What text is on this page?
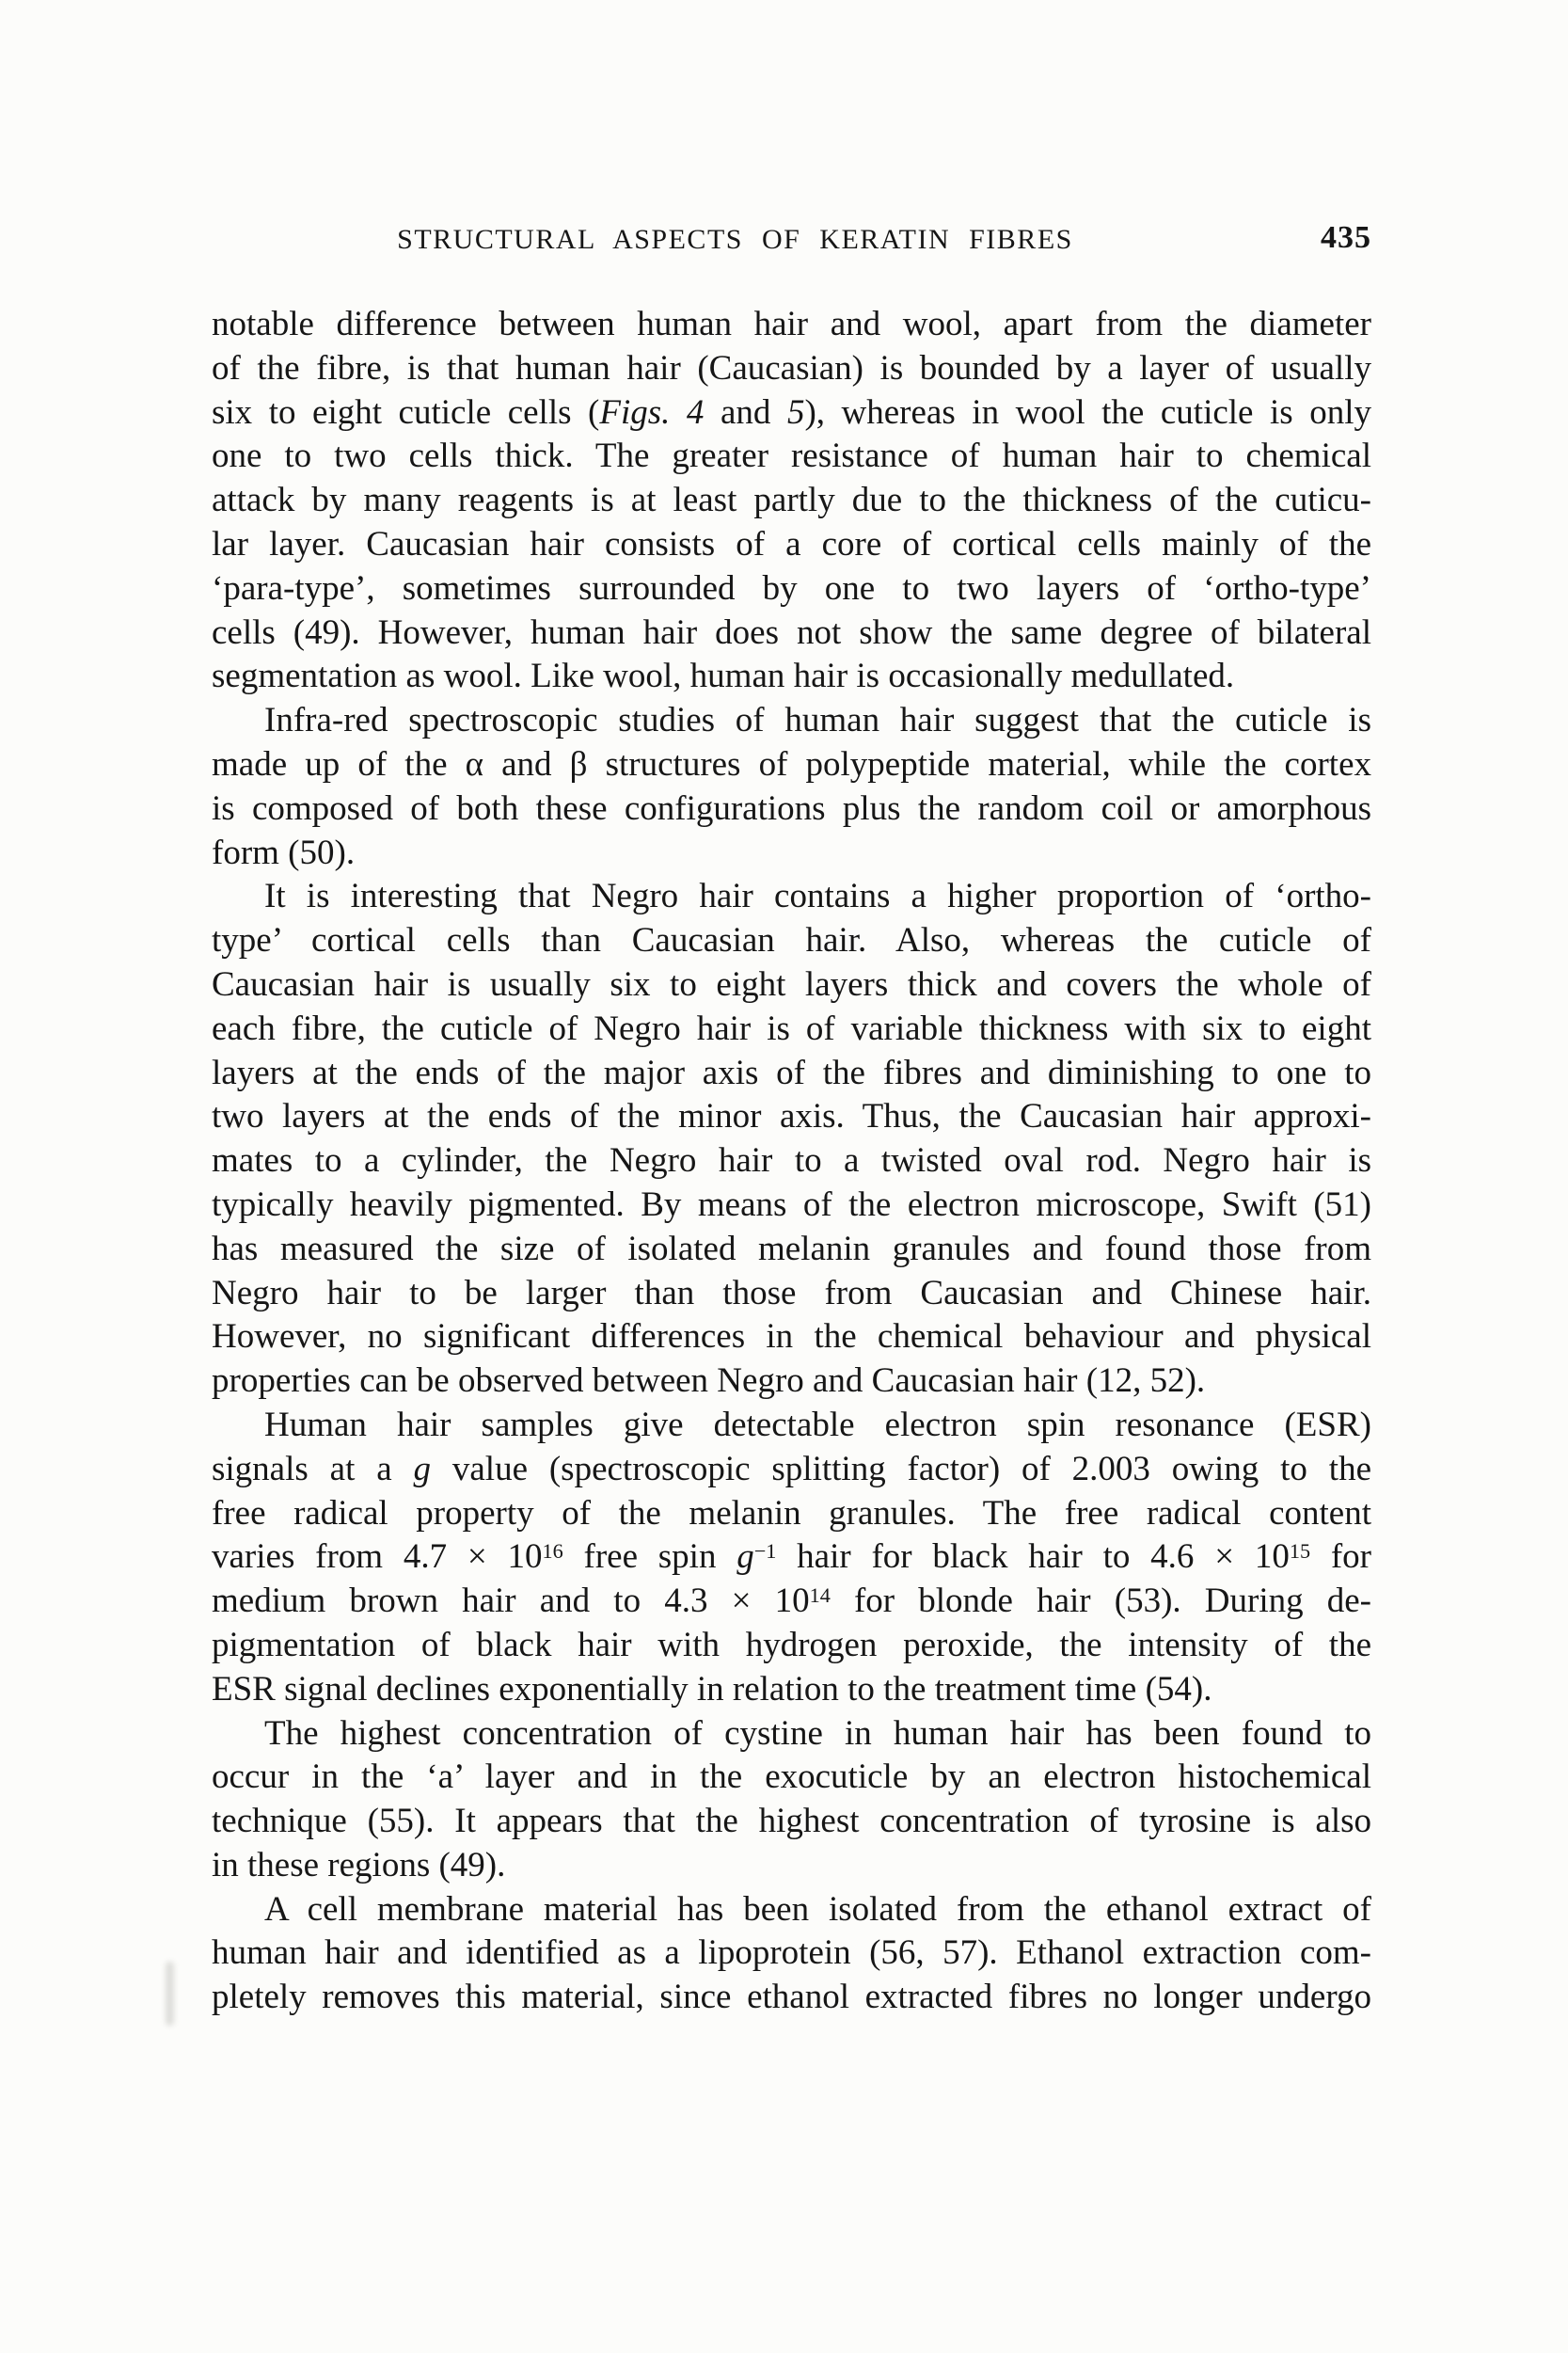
STRUCTURAL ASPECTS OF KERATIN FIBRES	435
notable difference between human hair and wool, apart from the diameter
of the fibre, is that human hair (Caucasian) is bounded by a layer of usually
six to eight cuticle cells (Figs. 4 and 5), whereas in wool the cuticle is only
one to two cells thick. The greater resistance of human hair to chemical
attack by many reagents is at least partly due to the thickness of the cuticu-
lar layer. Caucasian hair consists of a core of cortical cells mainly of the
‘para-type’, sometimes surrounded by one to two layers of ‘ortho-type’
cells (49). However, human hair does not show the same degree of bilateral
segmentation as wool. Like wool, human hair is occasionally medullated.
Infra-red spectroscopic studies of human hair suggest that the cuticle is
made up of the α and β structures of polypeptide material, while the cortex
is composed of both these configurations plus the random coil or amorphous
form (50).
It is interesting that Negro hair contains a higher proportion of ‘ortho-
type’ cortical cells than Caucasian hair. Also, whereas the cuticle of
Caucasian hair is usually six to eight layers thick and covers the whole of
each fibre, the cuticle of Negro hair is of variable thickness with six to eight
layers at the ends of the major axis of the fibres and diminishing to one to
two layers at the ends of the minor axis. Thus, the Caucasian hair approxi-
mates to a cylinder, the Negro hair to a twisted oval rod. Negro hair is
typically heavily pigmented. By means of the electron microscope, Swift (51)
has measured the size of isolated melanin granules and found those from
Negro hair to be larger than those from Caucasian and Chinese hair.
However, no significant differences in the chemical behaviour and physical
properties can be observed between Negro and Caucasian hair (12, 52).
Human hair samples give detectable electron spin resonance (ESR)
signals at a g value (spectroscopic splitting factor) of 2.003 owing to the
free radical property of the melanin granules. The free radical content
varies from $4.7 \times 10^{16}$ free spin $g^{-1}$ hair for black hair to $4.6 \times 10^{15}$ for
medium brown hair and to $4.3 \times 10^{14}$ for blonde hair (53). During de-
pigmentation of black hair with hydrogen peroxide, the intensity of the
ESR signal declines exponentially in relation to the treatment time (54).
The highest concentration of cystine in human hair has been found to
occur in the ‘a’ layer and in the exocuticle by an electron histochemical
technique (55). It appears that the highest concentration of tyrosine is also
in these regions (49).
A cell membrane material has been isolated from the ethanol extract of
human hair and identified as a lipoprotein (56, 57). Ethanol extraction com-
pletely removes this material, since ethanol extracted fibres no longer undergo
